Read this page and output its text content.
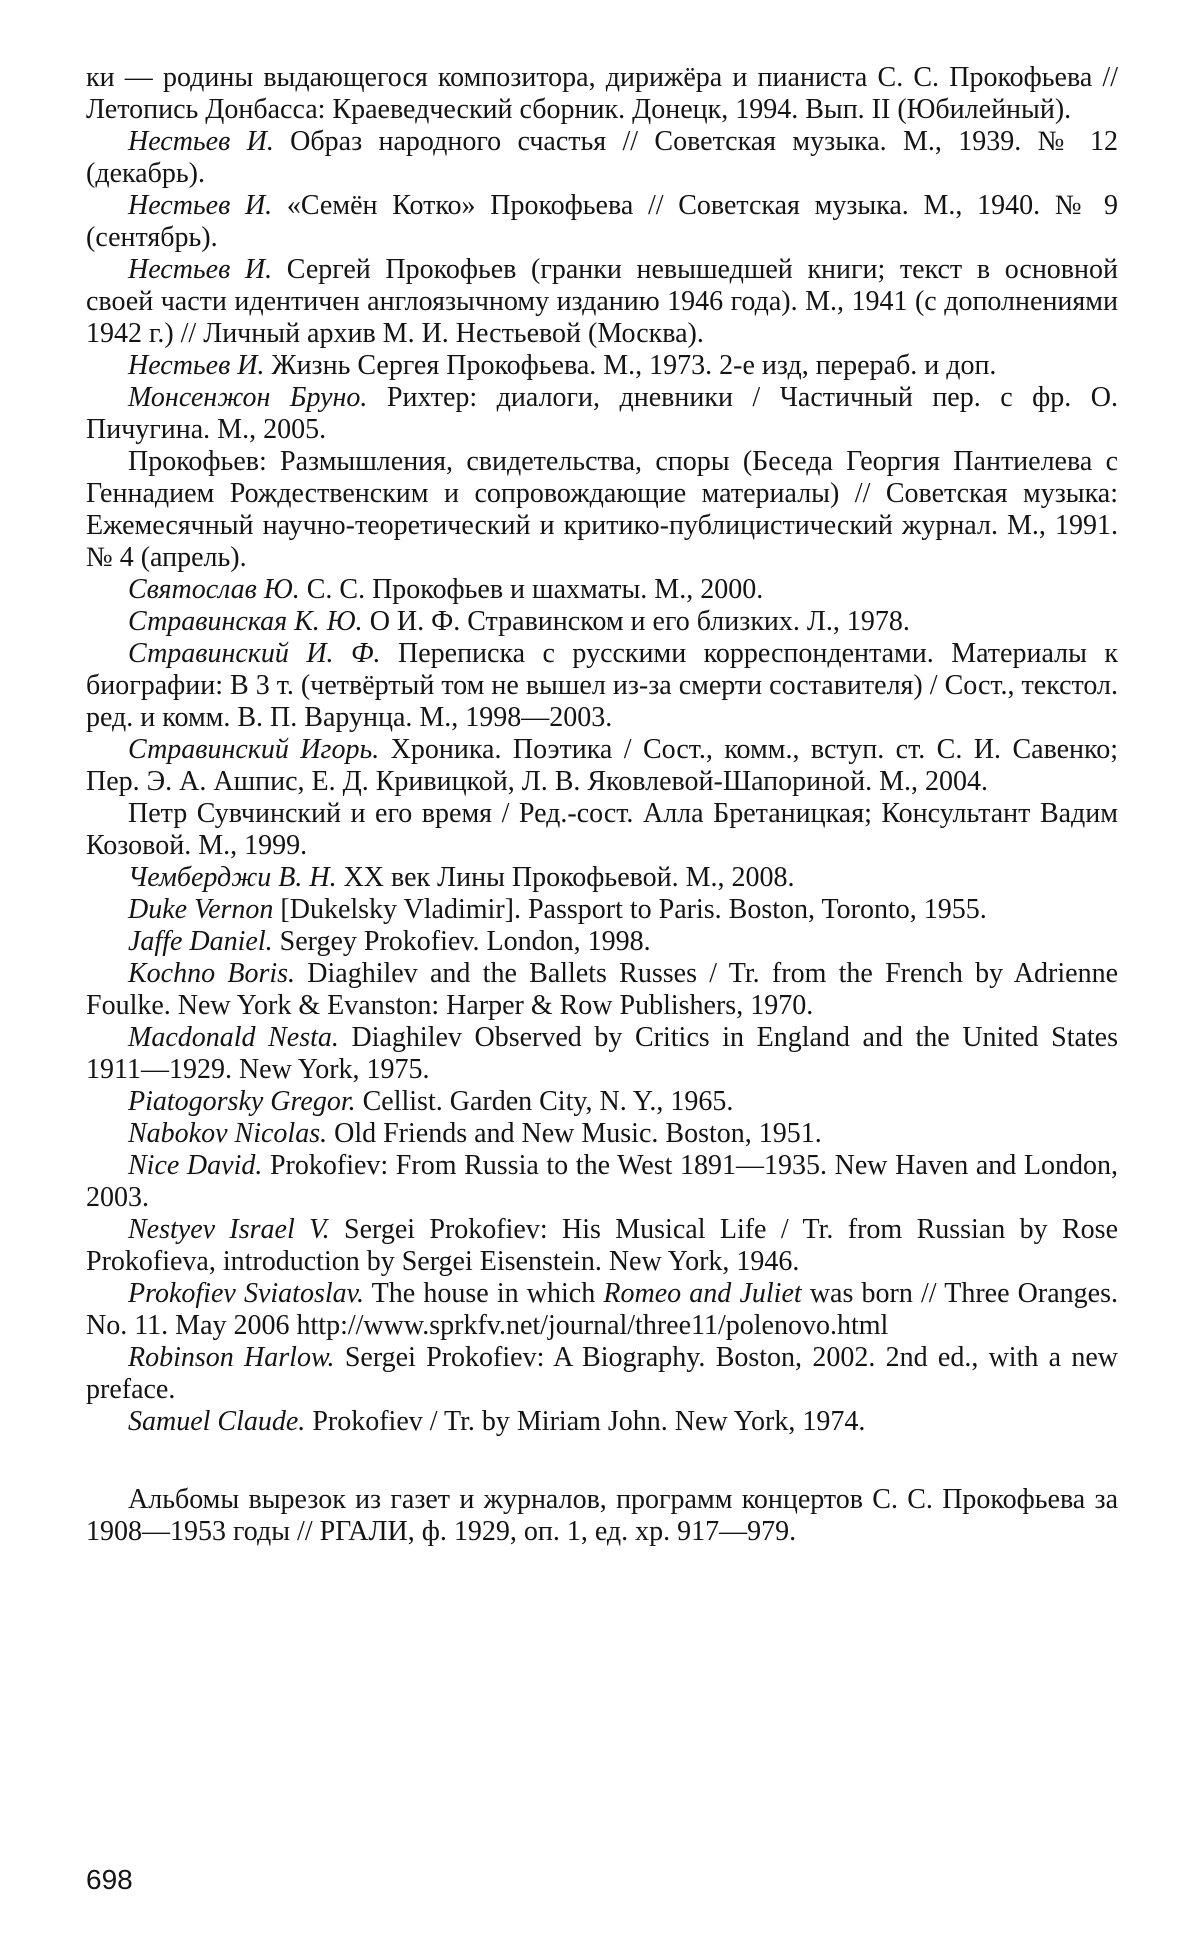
ки — родины выдающегося композитора, дирижёра и пианиста С. С. Прокофьева // Летопись Донбасса: Краеведческий сборник. Донецк, 1994. Вып. II (Юбилейный).

Нестьев И. Образ народного счастья // Советская музыка. М., 1939. № 12 (декабрь).

Нестьев И. «Семён Котко» Прокофьева // Советская музыка. М., 1940. № 9 (сентябрь).

Нестьев И. Сергей Прокофьев (гранки невышедшей книги; текст в основной своей части идентичен англоязычному изданию 1946 года). М., 1941 (с дополнениями 1942 г.) // Личный архив М. И. Нестьевой (Москва).

Нестьев И. Жизнь Сергея Прокофьева. М., 1973. 2-е изд, перераб. и доп.

Монсенжон Бруно. Рихтер: диалоги, дневники / Частичный пер. с фр. О. Пичугина. М., 2005.

Прокофьев: Размышления, свидетельства, споры (Беседа Георгия Пантиелева с Геннадием Рождественским и сопровождающие материалы) // Советская музыка: Ежемесячный научно-теоретический и критико-публицистический журнал. М., 1991. № 4 (апрель).

Святослав Ю. С. С. Прокофьев и шахматы. М., 2000.

Стравинская К. Ю. О И. Ф. Стравинском и его близких. Л., 1978.

Стравинский И. Ф. Переписка с русскими корреспондентами. Материалы к биографии: В 3 т. (четвёртый том не вышел из-за смерти составителя) / Сост., текстол. ред. и комм. В. П. Варунца. М., 1998—2003.

Стравинский Игорь. Хроника. Поэтика / Сост., комм., вступ. ст. С. И. Савенко; Пер. Э. А. Ашпис, Е. Д. Кривицкой, Л. В. Яковлевой-Шапориной. М., 2004.

Петр Сувчинский и его время / Ред.-сост. Алла Бретаницкая; Консультант Вадим Козовой. М., 1999.

Чемберджи В. Н. XX век Лины Прокофьевой. М., 2008.

Duke Vernon [Dukelsky Vladimir]. Passport to Paris. Boston, Toronto, 1955.

Jaffe Daniel. Sergey Prokofiev. London, 1998.

Kochno Boris. Diaghilev and the Ballets Russes / Tr. from the French by Adrienne Foulke. New York & Evanston: Harper & Row Publishers, 1970.

Macdonald Nesta. Diaghilev Observed by Critics in England and the United States 1911—1929. New York, 1975.

Piatogorsky Gregor. Cellist. Garden City, N. Y., 1965.

Nabokov Nicolas. Old Friends and New Music. Boston, 1951.

Nice David. Prokofiev: From Russia to the West 1891—1935. New Haven and London, 2003.

Nestyev Israel V. Sergei Prokofiev: His Musical Life / Tr. from Russian by Rose Prokofieva, introduction by Sergei Eisenstein. New York, 1946.

Prokofiev Sviatoslav. The house in which Romeo and Juliet was born // Three Oranges. No. 11. May 2006 http://www.sprkfv.net/journal/three11/polenovo.html

Robinson Harlow. Sergei Prokofiev: A Biography. Boston, 2002. 2nd ed., with a new preface.

Samuel Claude. Prokofiev / Tr. by Miriam John. New York, 1974.

Альбомы вырезок из газет и журналов, программ концертов С. С. Прокофьева за 1908—1953 годы // РГАЛИ, ф. 1929, оп. 1, ед. хр. 917—979.

698
